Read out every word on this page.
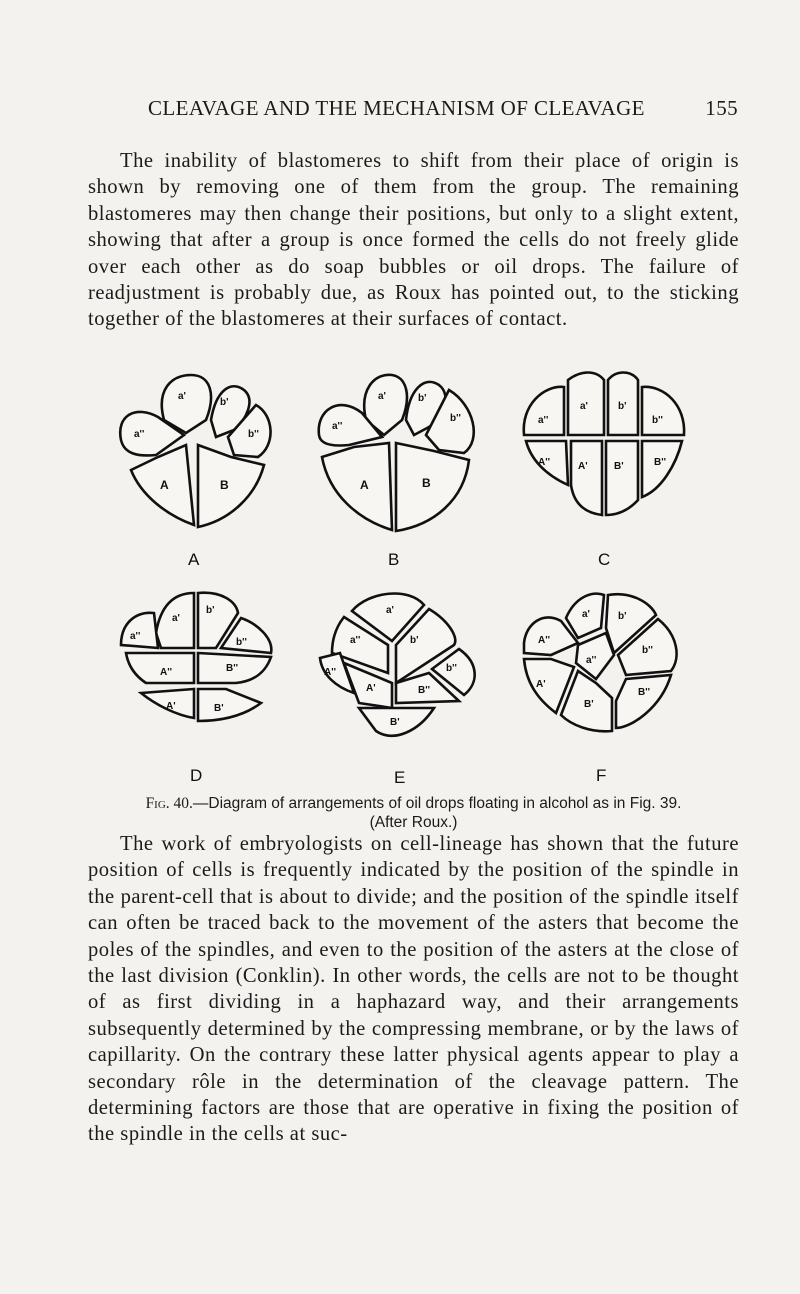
CLEAVAGE AND THE MECHANISM OF CLEAVAGE	155

The inability of blastomeres to shift from their place of origin is shown by removing one of them from the group. The remaining blastomeres may then change their positions, but only to a slight extent, showing that after a group is once formed the cells do not freely glide over each other as do soap bubbles or oil drops. The failure of readjustment is probably due, as Roux has pointed out, to the sticking together of the blastomeres at their surfaces of contact.

a'
b'
a''	b''
A	B
A
a'	b'
a''
b''
A	B
B
a'	b'
a''	b''
A''	A'	B'	B''
C
a'
b'
a''
b''
A''	B''
A'	B'
D
a'
a''	b'
b''
A''
A'	B''
B'
E
a'	b'
A''
a''
b''
A'
B''
B'
F
Fig. 40.—Diagram of arrangements of oil drops floating in alcohol as in Fig. 39.
(After Roux.)

The work of embryologists on cell-lineage has shown that the future position of cells is frequently indicated by the position of the spindle in the parent-cell that is about to divide; and the position of the spindle itself can often be traced back to the movement of the asters that become the poles of the spindles, and even to the position of the asters at the close of the last division (Conklin). In other words, the cells are not to be thought of as first dividing in a haphazard way, and their arrangements subsequently determined by the compressing membrane, or by the laws of capillarity. On the contrary these latter physical agents appear to play a secondary rôle in the determination of the cleavage pattern. The determining factors are those that are operative in fixing the position of the spindle in the cells at suc-
